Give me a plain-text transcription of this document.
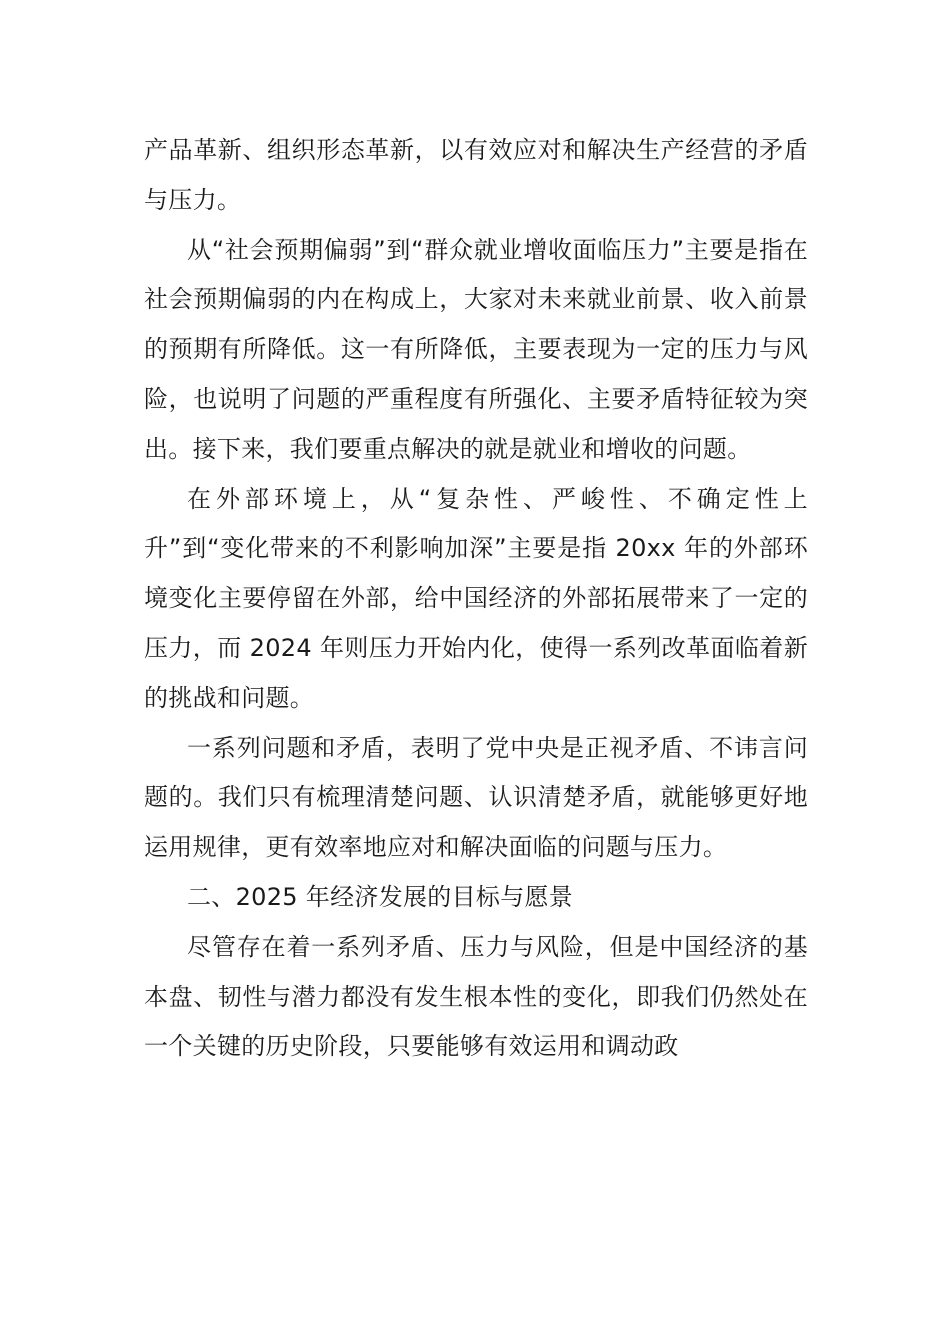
产品革新、组织形态革新，以有效应对和解决生产经营的矛盾与压力。

从“社会预期偏弱”到“群众就业增收面临压力”主要是指在社会预期偏弱的内在构成上，大家对未来就业前景、收入前景的预期有所降低。这一有所降低，主要表现为一定的压力与风险，也说明了问题的严重程度有所强化、主要矛盾特征较为突出。接下来，我们要重点解决的就是就业和增收的问题。

在外部环境上，从“复杂性、严峻性、不确定性上升”到“变化带来的不利影响加深”主要是指 20xx 年的外部环境变化主要停留在外部，给中国经济的外部拓展带来了一定的压力，而 2024 年则压力开始内化，使得一系列改革面临着新的挑战和问题。

一系列问题和矛盾，表明了党中央是正视矛盾、不讳言问题的。我们只有梳理清楚问题、认识清楚矛盾，就能够更好地运用规律，更有效率地应对和解决面临的问题与压力。

二、2025 年经济发展的目标与愿景

尽管存在着一系列矛盾、压力与风险，但是中国经济的基本盘、韧性与潜力都没有发生根本性的变化，即我们仍然处在一个关键的历史阶段，只要能够有效运用和调动政
